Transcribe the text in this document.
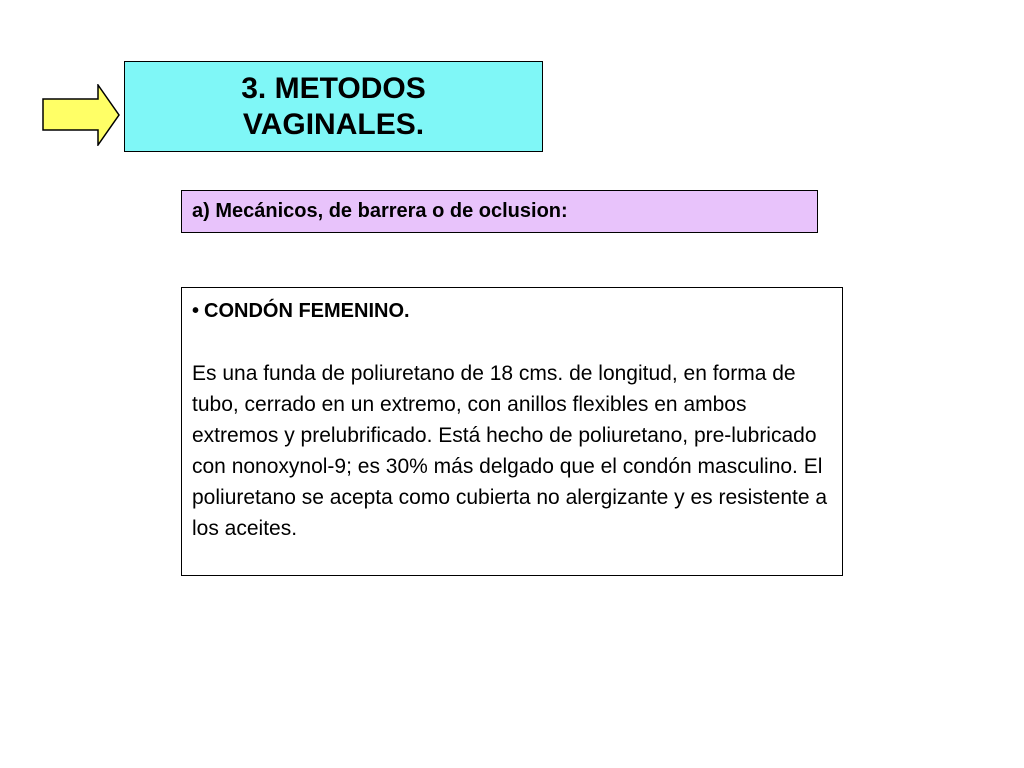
3. METODOS VAGINALES.
a) Mecánicos, de barrera o de oclusion:
• CONDÓN FEMENINO.
Es una funda de poliuretano de 18 cms. de longitud, en forma de tubo, cerrado en un extremo, con anillos flexibles en ambos extremos y prelubrificado. Está hecho de poliuretano, pre-lubricado con nonoxynol-9; es 30% más delgado que el condón masculino. El poliuretano se acepta como cubierta no alergizante y es resistente a los aceites.
